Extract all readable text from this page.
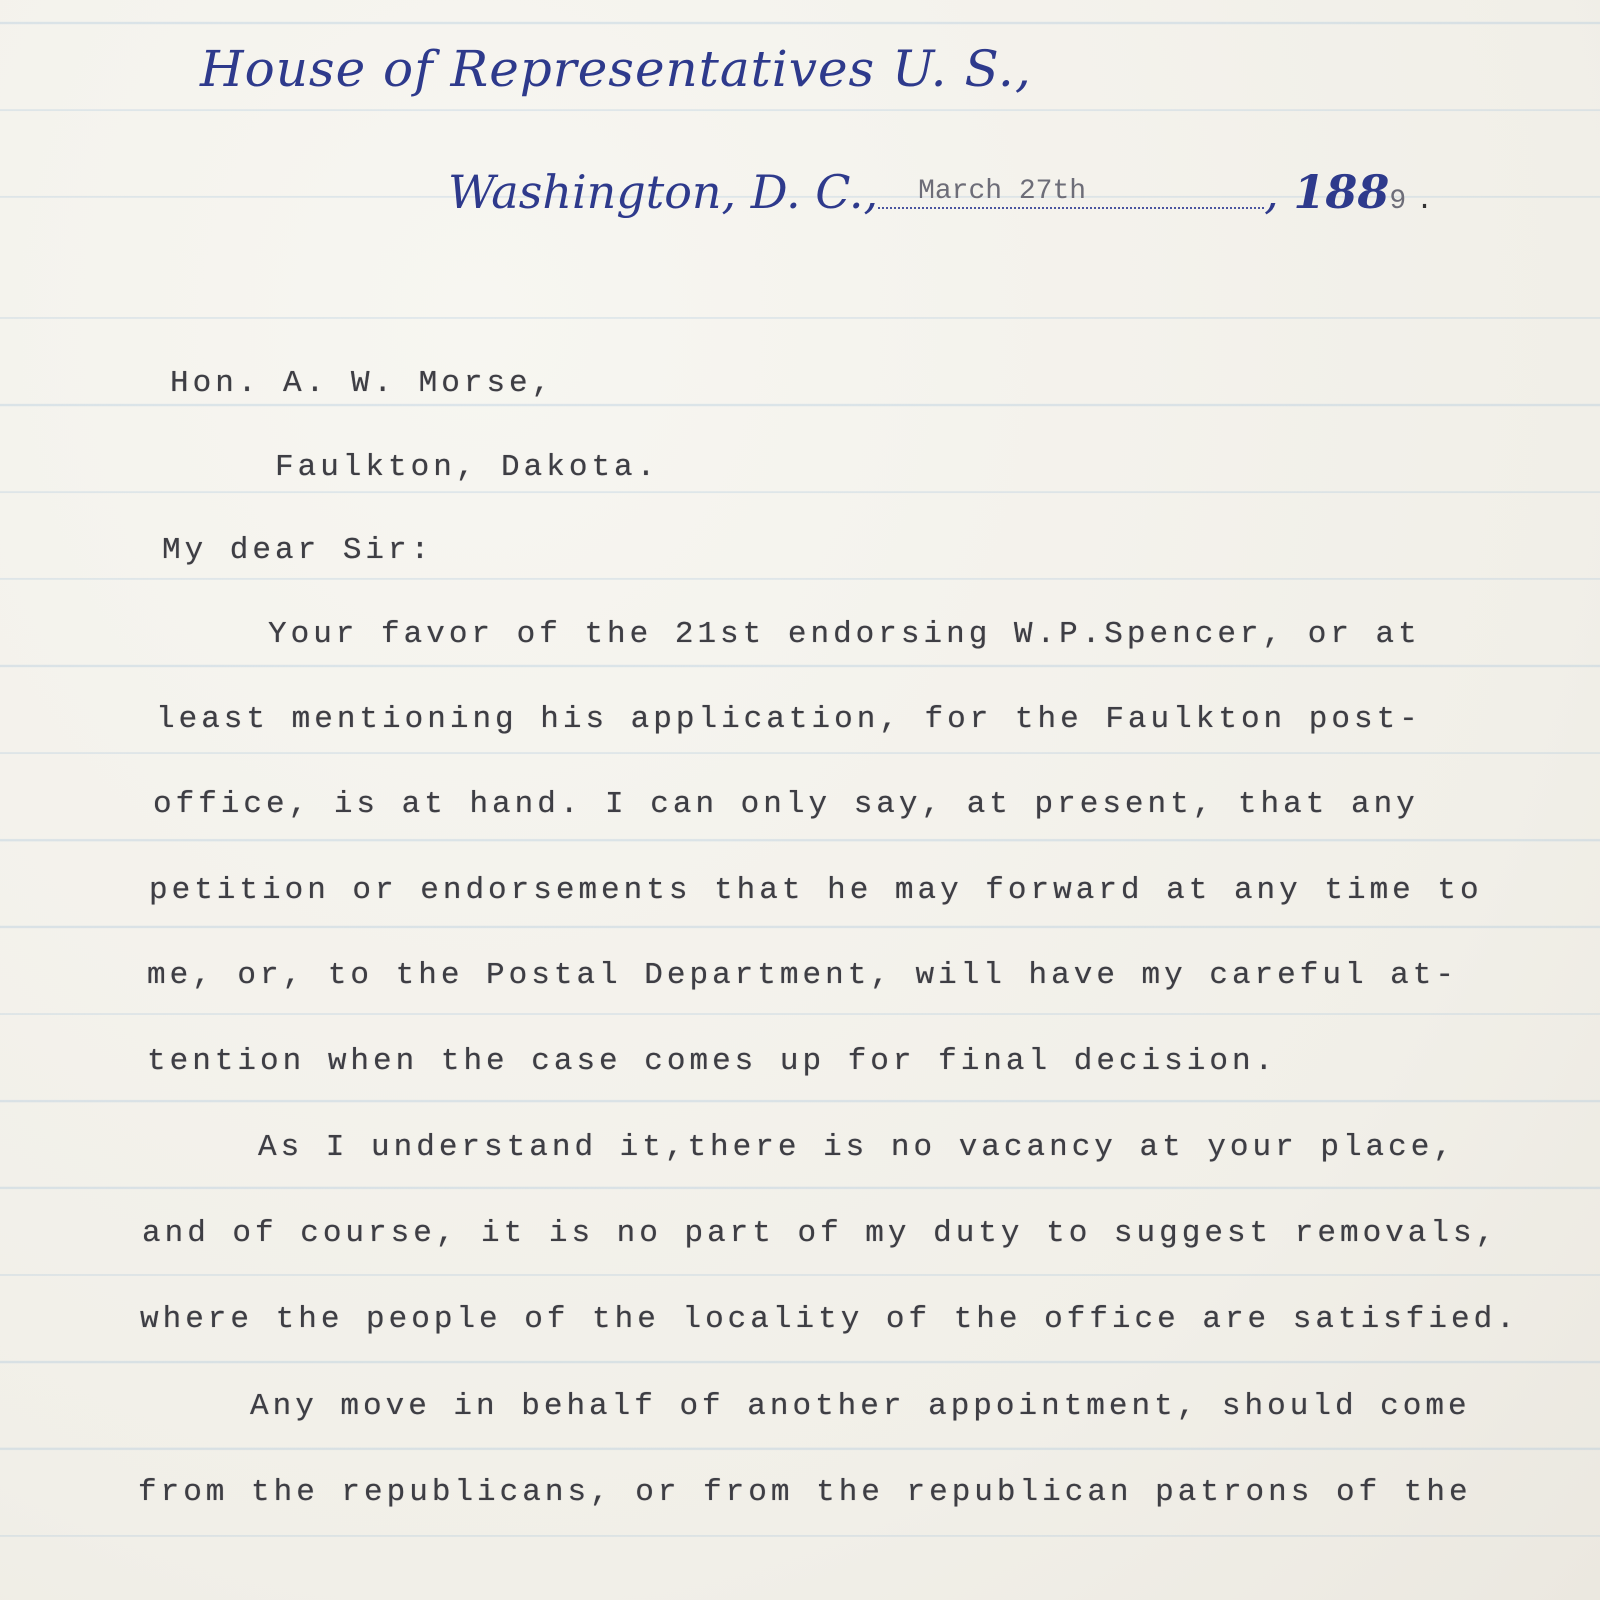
House of Representatives U. S.,
Washington, D. C., March 27th	, 1889 .
Hon. A. W. Morse,
Faulkton, Dakota.
My dear Sir:
Your favor of the 21st endorsing W.P.Spencer, or at
least mentioning his application, for the Faulkton post-
office, is at hand. I can only say, at present, that any
petition or endorsements that he may forward at any time to
me, or, to the Postal Department, will have my careful at-
tention when the case comes up for final decision.
As I understand it,there is no vacancy at your place,
and of course, it is no part of my duty to suggest removals,
where the people of the locality of the office are satisfied.
Any move in behalf of another appointment, should come
from the republicans, or from the republican patrons of the
